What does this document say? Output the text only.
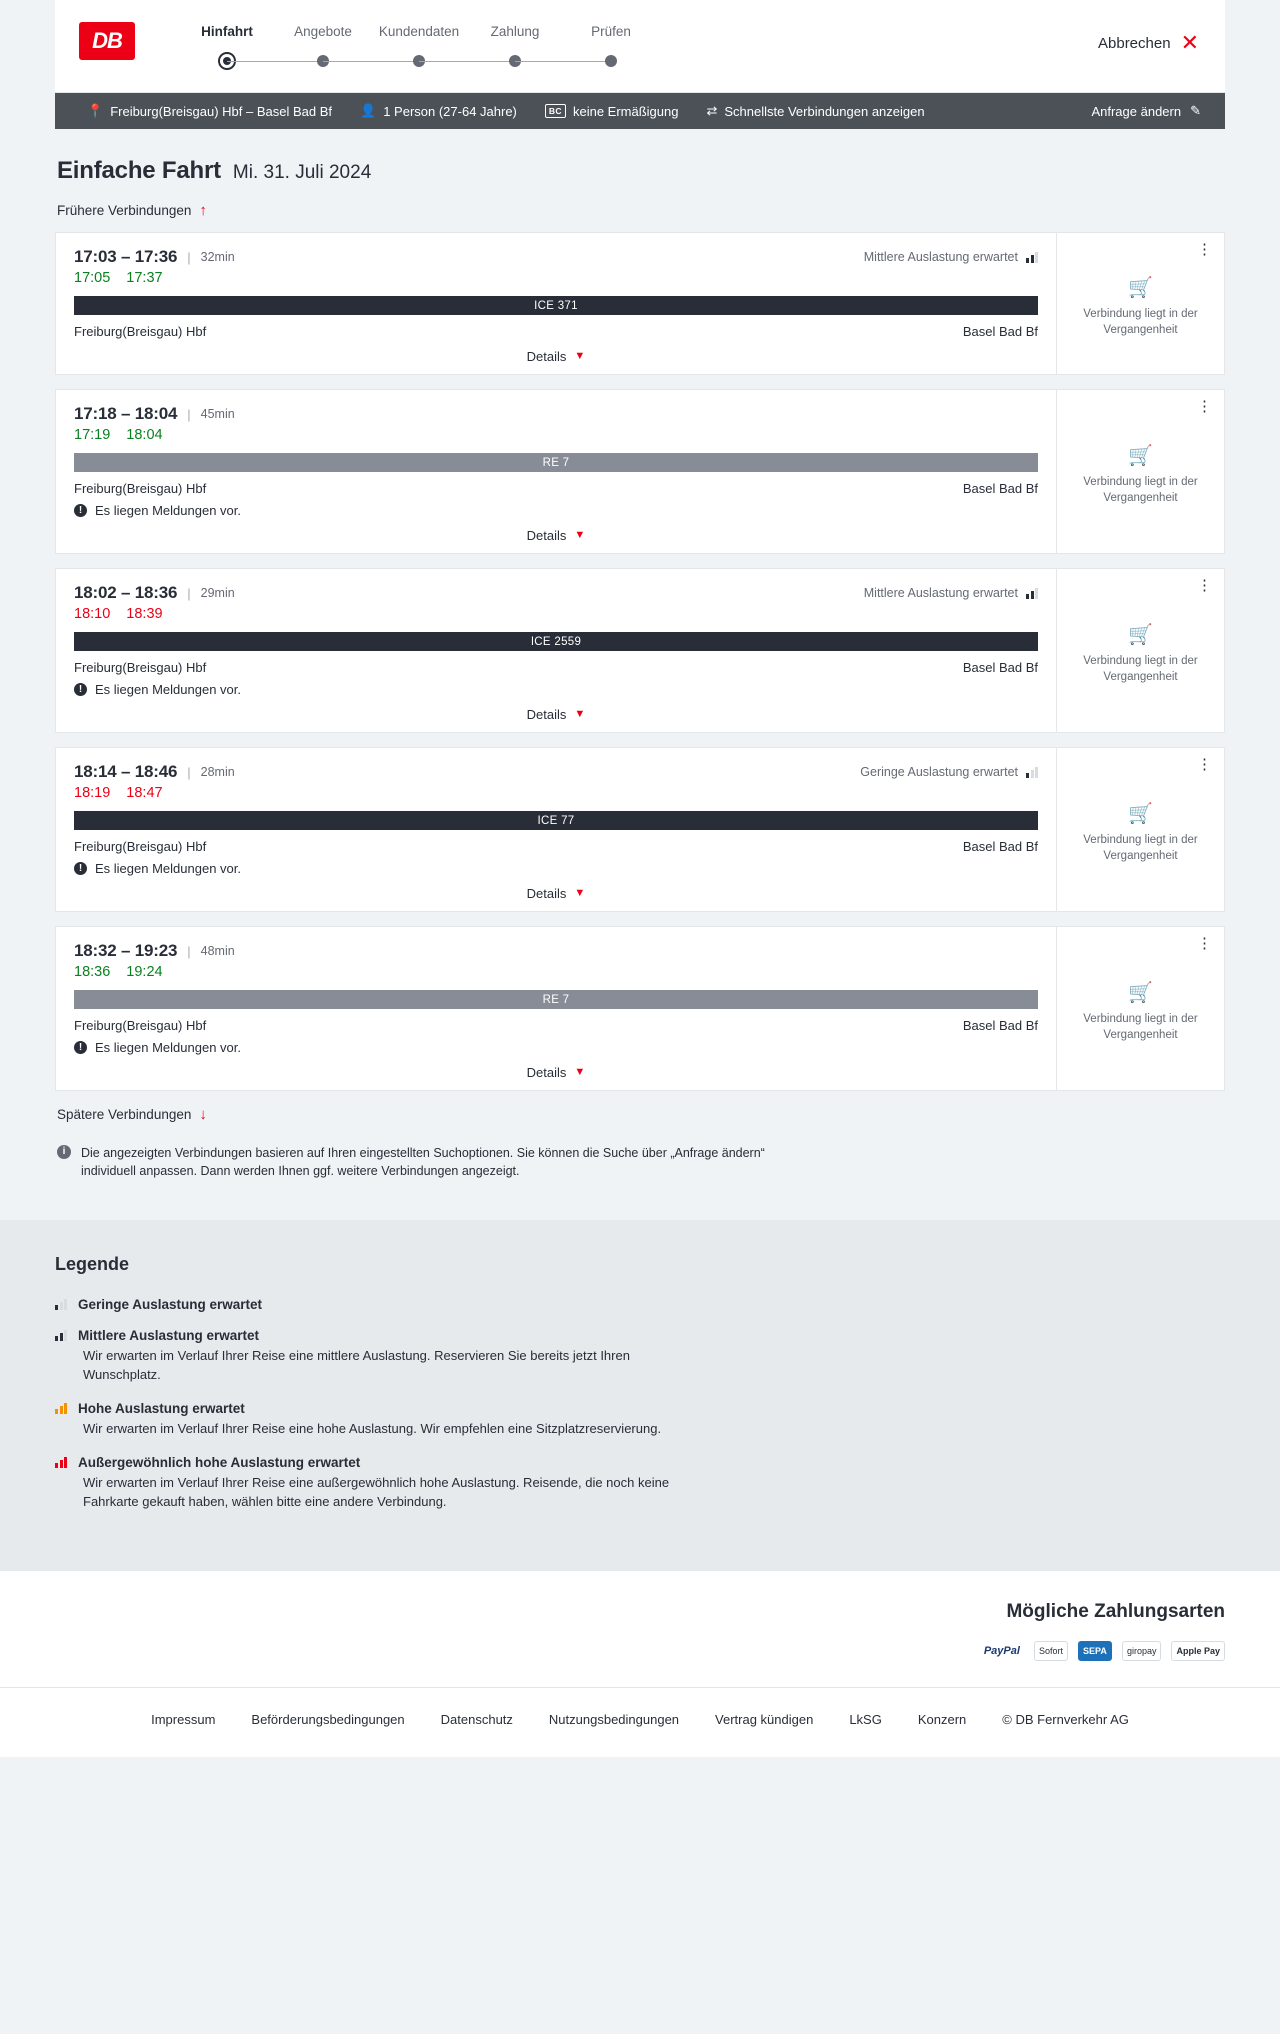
DB	Hinfahrt	Angebote	Kundendaten	Zahlung	Prüfen
Abbrechen ✕
📍 Freiburg(Breisgau) Hbf – Basel Bad Bf 👤 1 Person (27-64 Jahre)	BC keine Ermäßigung ⇄ Schnellste Verbindungen anzeigen	Anfrage ändern ✎
Einfache Fahrt Mi. 31. Juli 2024
Frühere Verbindungen ↑
17:03 – 17:36 | 32min	Mittlere Auslastung erwartet
17:05 17:37
ICE 371
Freiburg(Breisgau) Hbf	Basel Bad Bf
Details ▼
⋮
🛒
Verbindung liegt in der Vergangenheit
17:18 – 18:04 | 45min
17:19 18:04
RE 7
Freiburg(Breisgau) Hbf	Basel Bad Bf
! Es liegen Meldungen vor.
Details ▼
⋮
🛒
Verbindung liegt in der Vergangenheit
18:02 – 18:36 | 29min	Mittlere Auslastung erwartet
18:10 18:39
ICE 2559
Freiburg(Breisgau) Hbf	Basel Bad Bf
! Es liegen Meldungen vor.
Details ▼
⋮
🛒
Verbindung liegt in der Vergangenheit
18:14 – 18:46 | 28min	Geringe Auslastung erwartet
18:19 18:47
ICE 77
Freiburg(Breisgau) Hbf	Basel Bad Bf
! Es liegen Meldungen vor.
Details ▼
⋮
🛒
Verbindung liegt in der Vergangenheit
18:32 – 19:23 | 48min
18:36 19:24
RE 7
Freiburg(Breisgau) Hbf	Basel Bad Bf
! Es liegen Meldungen vor.
Details ▼
⋮
🛒
Verbindung liegt in der Vergangenheit
Spätere Verbindungen ↓
i	Die angezeigten Verbindungen basieren auf Ihren eingestellten Suchoptionen. Sie können die Suche über „Anfrage ändern“ individuell anpassen. Dann werden Ihnen ggf. weitere Verbindungen angezeigt.
Legende
Geringe Auslastung erwartet
Mittlere Auslastung erwartet
Wir erwarten im Verlauf Ihrer Reise eine mittlere Auslastung. Reservieren Sie bereits jetzt Ihren Wunschplatz.
Hohe Auslastung erwartet
Wir erwarten im Verlauf Ihrer Reise eine hohe Auslastung. Wir empfehlen eine Sitzplatzreservierung.
Außergewöhnlich hohe Auslastung erwartet
Wir erwarten im Verlauf Ihrer Reise eine außergewöhnlich hohe Auslastung. Reisende, die noch keine Fahrkarte gekauft haben, wählen bitte eine andere Verbindung.
Mögliche Zahlungsarten
PayPal	Sofort	SEPA	giropay	Apple Pay
Impressum	Beförderungsbedingungen	Datenschutz	Nutzungsbedingungen	Vertrag kündigen	LkSG	Konzern	© DB Fernverkehr AG
